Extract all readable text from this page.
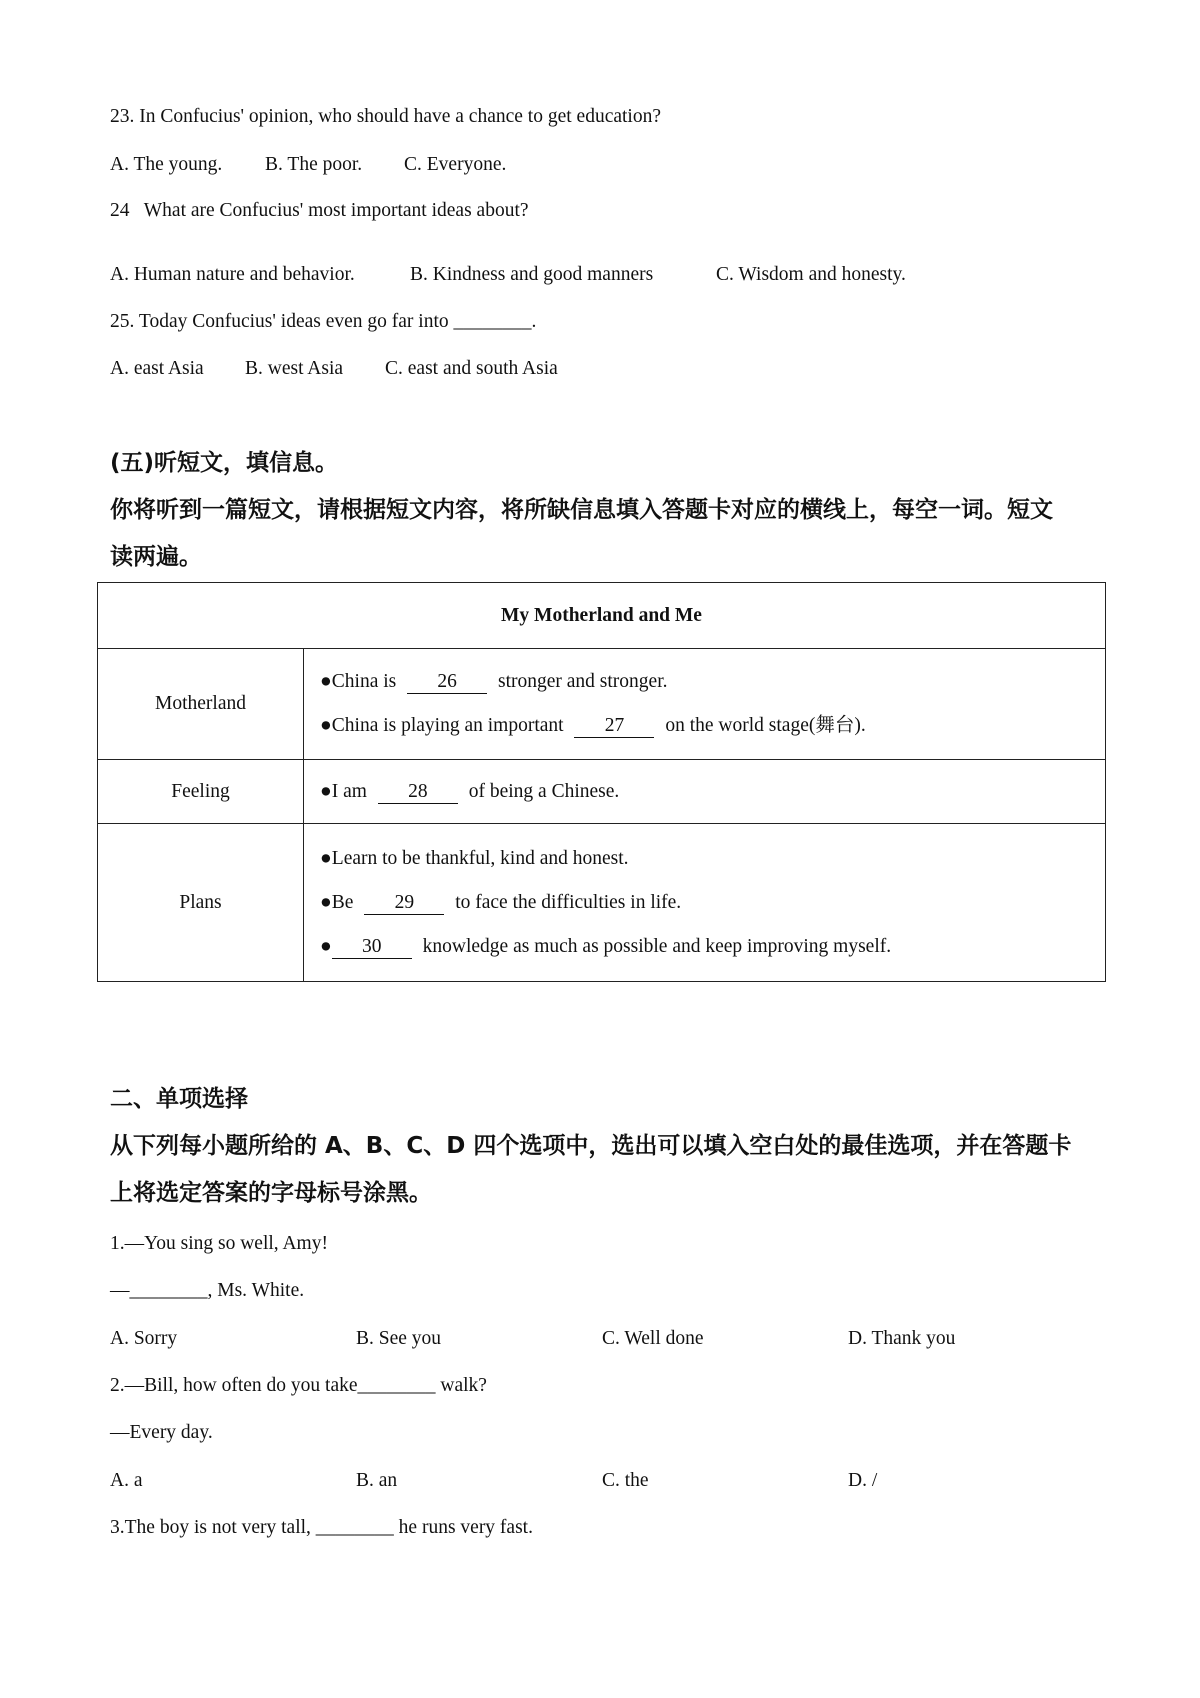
23. In Confucius' opinion, who should have a chance to get education?
A. The young. B. The poor. C. Everyone.
24   What are Confucius' most important ideas about?
A. Human nature and behavior.	B. Kindness and good manners	C. Wisdom and honesty.
25. Today Confucius' ideas even go far into ________.
A. east Asia B. west Asia C. east and south Asia
(五)听短文，填信息。
你将听到一篇短文，请根据短文内容，将所缺信息填入答题卡对应的横线上，每空一词。短文
读两遍。
My Motherland and Me	
Motherland	●China is 26 stronger and stronger.
●China is playing an important 27 on the world stage(舞台).

Feeling	●I am 28 of being a Chinese.

Plans	●Learn to be thankful, kind and honest.
●Be 29 to face the difficulties in life.
● 30 knowledge as much as possible and keep improving myself.
二、单项选择
从下列每小题所给的 A、B、C、D 四个选项中，选出可以填入空白处的最佳选项，并在答题卡
上将选定答案的字母标号涂黑。
1.—You sing so well, Amy!
—________, Ms. White.
A. Sorry	B. See you	C. Well done	D. Thank you
2.—Bill, how often do you take________ walk?
—Every day.
A. a	B. an	C. the	D. /
3.The boy is not very tall, ________ he runs very fast.
